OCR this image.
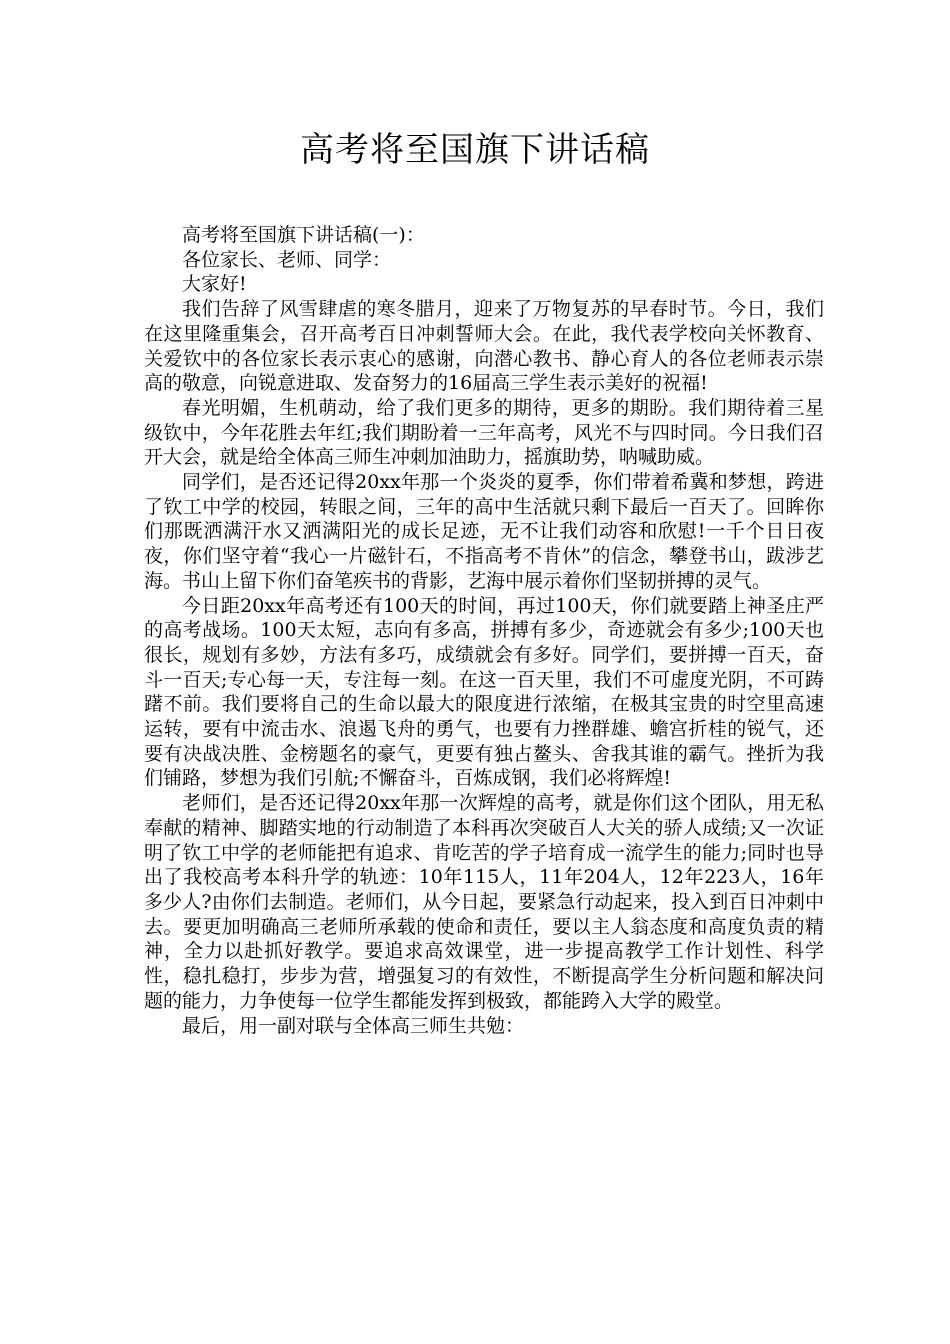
高考将至国旗下讲话稿

高考将至国旗下讲话稿(一)：

各位家长、老师、同学：

大家好!

我们告辞了风雪肆虐的寒冬腊月，迎来了万物复苏的早春时节。今日，我们在这里隆重集会，召开高考百日冲刺誓师大会。在此，我代表学校向关怀教育、关爱钦中的各位家长表示衷心的感谢，向潜心教书、静心育人的各位老师表示崇高的敬意，向锐意进取、发奋努力的16届高三学生表示美好的祝福!

春光明媚，生机萌动，给了我们更多的期待，更多的期盼。我们期待着三星级钦中，今年花胜去年红;我们期盼着一三年高考，风光不与四时同。今日我们召开大会，就是给全体高三师生冲刺加油助力，摇旗助势，呐喊助威。

同学们，是否还记得20xx年那一个炎炎的夏季，你们带着希冀和梦想，跨进了钦工中学的校园，转眼之间，三年的高中生活就只剩下最后一百天了。回眸你们那既洒满汗水又洒满阳光的成长足迹，无不让我们动容和欣慰!一千个日日夜夜，你们坚守着“我心一片磁针石，不指高考不肯休”的信念，攀登书山，跋涉艺海。书山上留下你们奋笔疾书的背影，艺海中展示着你们坚韧拼搏的灵气。

今日距20xx年高考还有100天的时间，再过100天，你们就要踏上神圣庄严的高考战场。100天太短，志向有多高，拼搏有多少，奇迹就会有多少;100天也很长，规划有多妙，方法有多巧，成绩就会有多好。同学们，要拼搏一百天，奋斗一百天;专心每一天，专注每一刻。在这一百天里，我们不可虚度光阴，不可踌躇不前。我们要将自己的生命以最大的限度进行浓缩，在极其宝贵的时空里高速运转，要有中流击水、浪遏飞舟的勇气，也要有力挫群雄、蟾宫折桂的锐气，还要有决战决胜、金榜题名的豪气，更要有独占鳌头、舍我其谁的霸气。挫折为我们铺路，梦想为我们引航;不懈奋斗，百炼成钢，我们必将辉煌!

老师们，是否还记得20xx年那一次辉煌的高考，就是你们这个团队，用无私奉献的精神、脚踏实地的行动制造了本科再次突破百人大关的骄人成绩;又一次证明了钦工中学的老师能把有追求、肯吃苦的学子培育成一流学生的能力;同时也导出了我校高考本科升学的轨迹：10年115人，11年204人，12年223人，16年多少人?由你们去制造。老师们，从今日起，要紧急行动起来，投入到百日冲刺中去。要更加明确高三老师所承载的使命和责任，要以主人翁态度和高度负责的精神，全力以赴抓好教学。要追求高效课堂，进一步提高教学工作计划性、科学性，稳扎稳打，步步为营，增强复习的有效性，不断提高学生分析问题和解决问题的能力，力争使每一位学生都能发挥到极致，都能跨入大学的殿堂。

最后，用一副对联与全体高三师生共勉：
